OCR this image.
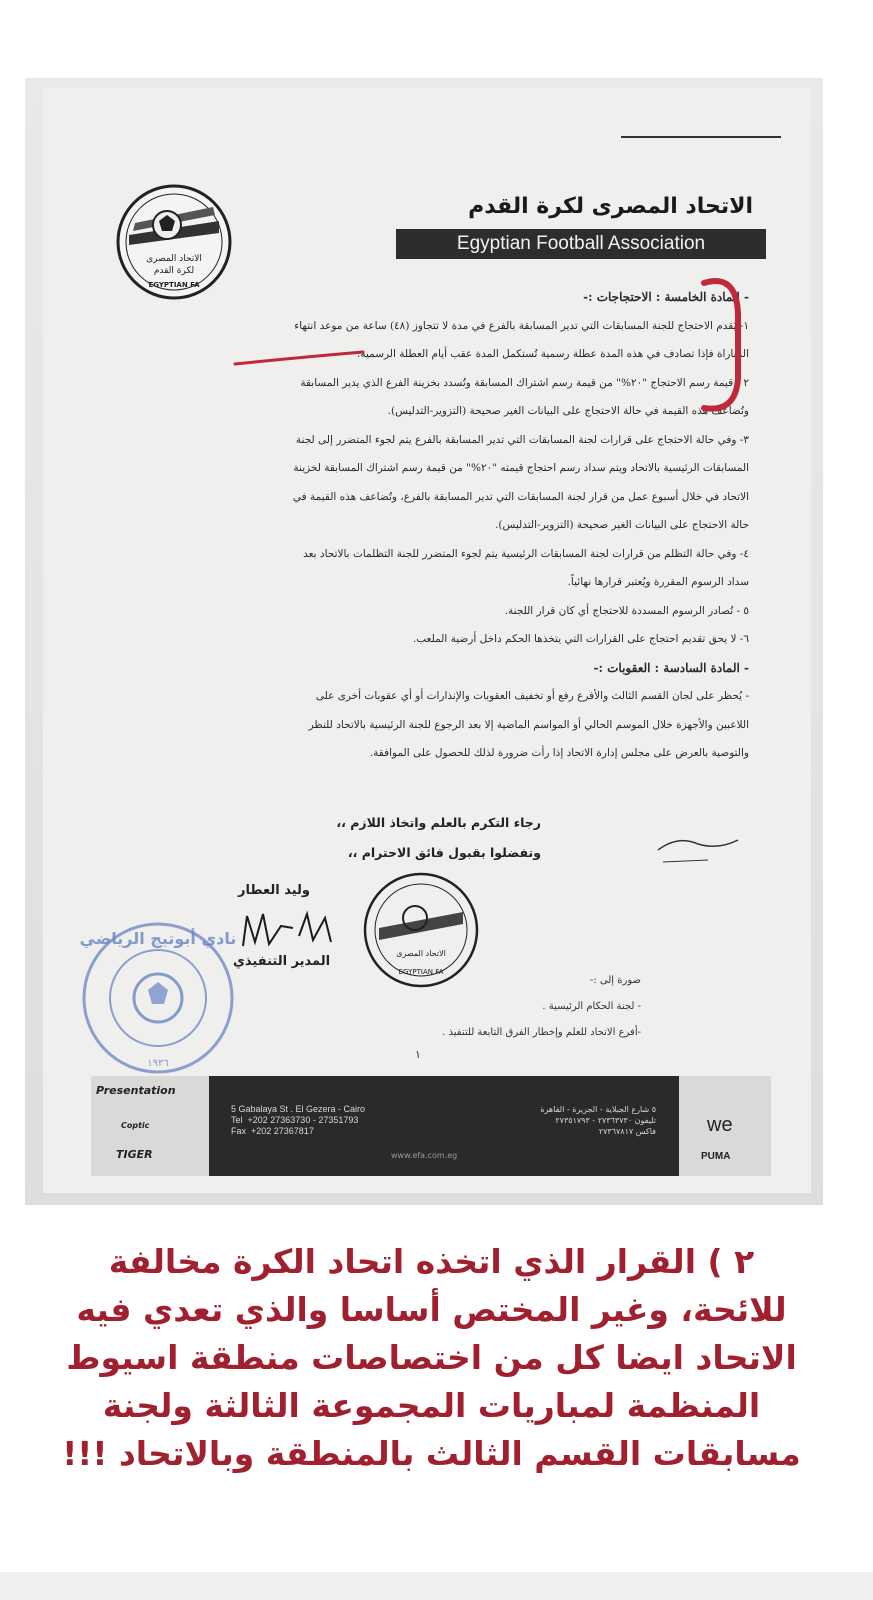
الاتحاد المصرى
لكرة القدم
EGYPTIAN FA
الاتحاد المصرى لكرة القدم
Egyptian Football Association

- المادة الخامسة : الاحتجاجات :-

١- يُقدم الاحتجاج للجنة المسابقات التي تدير المسابقة بالفرع في مدة لا تتجاوز (٤٨) ساعة من موعد انتهاء

المباراة فإذا تصادف في هذه المدة عطلة رسمية تُستكمل المدة عقب أيام العطلة الرسمية.

٢ - قيمة رسم الاحتجاج "٢٠%" من قيمة رسم اشتراك المسابقة وتُسدد بخزينة الفرع الذي يدير المسابقة

وتُضاعف هذه القيمة في حالة الاحتجاج على البيانات الغير صحيحة (التزوير-التدليس).

٣- وفي حالة الاحتجاج على قرارات لجنة المسابقات التي تدير المسابقة بالفرع يتم لجوء المتضرر إلى لجنة

المسابقات الرئيسية بالاتحاد ويتم سداد رسم احتجاج قيمته "٢٠%" من قيمة رسم اشتراك المسابقة لخزينة

الاتحاد في خلال أسبوع عمل من قرار لجنة المسابقات التي تدير المسابقة بالفرع، وتُضاعف هذه القيمة في

حالة الاحتجاج على البيانات الغير صحيحة (التزوير-التدليس).

٤- وفي حالة التظلم من قرارات لجنة المسابقات الرئيسية يتم لجوء المتضرر للجنة التظلمات بالاتحاد بعد

سداد الرسوم المقررة ويُعتبر قرارها نهائياً.

٥ - تُصادر الرسوم المسددة للاحتجاج أي كان قرار اللجنة.

٦- لا يحق تقديم احتجاج على القرارات التي يتخذها الحكم داخل أرضية الملعب.

- المادة السادسة : العقوبات :-

- يُحظر على لجان القسم الثالث والأفرع رفع أو تخفيف العقوبات والإنذارات أو أي عقوبات أخرى على

اللاعبين والأجهزة خلال الموسم الحالي أو المواسم الماضية إلا بعد الرجوع للجنة الرئيسية بالاتحاد للنظر

والتوصية بالعرض على مجلس إدارة الاتحاد إذا رأت ضرورة لذلك للحصول على الموافقة.

رجاء التكرم بالعلم واتخاذ اللازم ،،
وتفضلوا بقبول فائق الاحترام ،،
وليد العطار
المدير التنفيذي
الاتحاد المصرى
EGYPTIAN FA
نادي أبوتيج الرياضي
١٩٣٦
صورة إلى :-
- لجنة الحكام الرئيسية .
-أفرع الاتحاد للعلم وإخطار الفرق التابعة للتنفيذ .
١
Presentation
Coptic
TIGER
5 Gabalaya St . El Gezera - Cairo
Tel  +202 27363730 - 27351793
Fax  +202 27367817
٥ شارع الجبلاية - الجزيرة - القاهرة
تليفون ٢٧٣٦٣٧٣٠ - ٢٧٣٥١٧٩٣
فاكس ٢٧٣٦٧٨١٧
www.efa.com.eg
we
PUMA
٢ ) القرار الذي اتخذه اتحاد الكرة مخالفة
للائحة، وغير المختص أساسا والذي تعدي فيه
الاتحاد ايضا كل من اختصاصات منطقة اسيوط
المنظمة لمباريات المجموعة الثالثة ولجنة
مسابقات القسم الثالث بالمنطقة وبالاتحاد !!!
